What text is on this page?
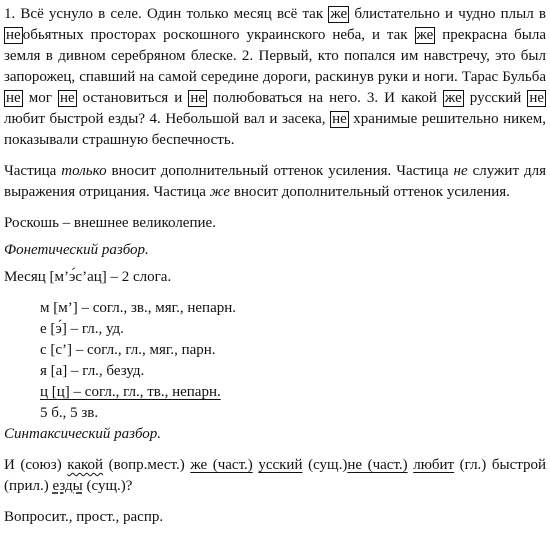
1. Всё уснуло в селе. Один только месяц всё так же блистательно и чудно плыл в не обьятных просторах роскошного украинского неба, и так же прекрасна была земля в дивном серебряном блеске. 2. Первый, кто попался им навстречу, это был запорожец, спавший на самой середине дороги, раскинув руки и ноги. Тарас Бульба не мог не остановиться и не полюбоваться на него. 3. И какой же русский не любит быстрой езды? 4. Небольшой вал и засека, не хранимые решительно никем, показывали страшную беспечность.

Частица только вносит дополнительный оттенок усиления. Частица не служит для выражения отрицания. Частица же вносит дополнительный оттенок усиления.

Роскошь – внешнее великолепие.

Фонетический разбор.

Месяц [м’э́с’ац] – 2 слога.

м [м’] – согл., зв., мяг., непарн.

е [э́] – гл., уд.

с [с’] – согл., гл., мяг., парн.

я [а] – гл., безуд.

ц [ц] – согл., гл., тв., непарн.

5 б., 5 зв.

Синтаксический разбор.

И (союз) какой (вопр.мест.) же (част.) усский (сущ.)не (част.) любит (гл.) быстрой (прил.) езды (сущ.)?

Вопросит., прост., распр.
